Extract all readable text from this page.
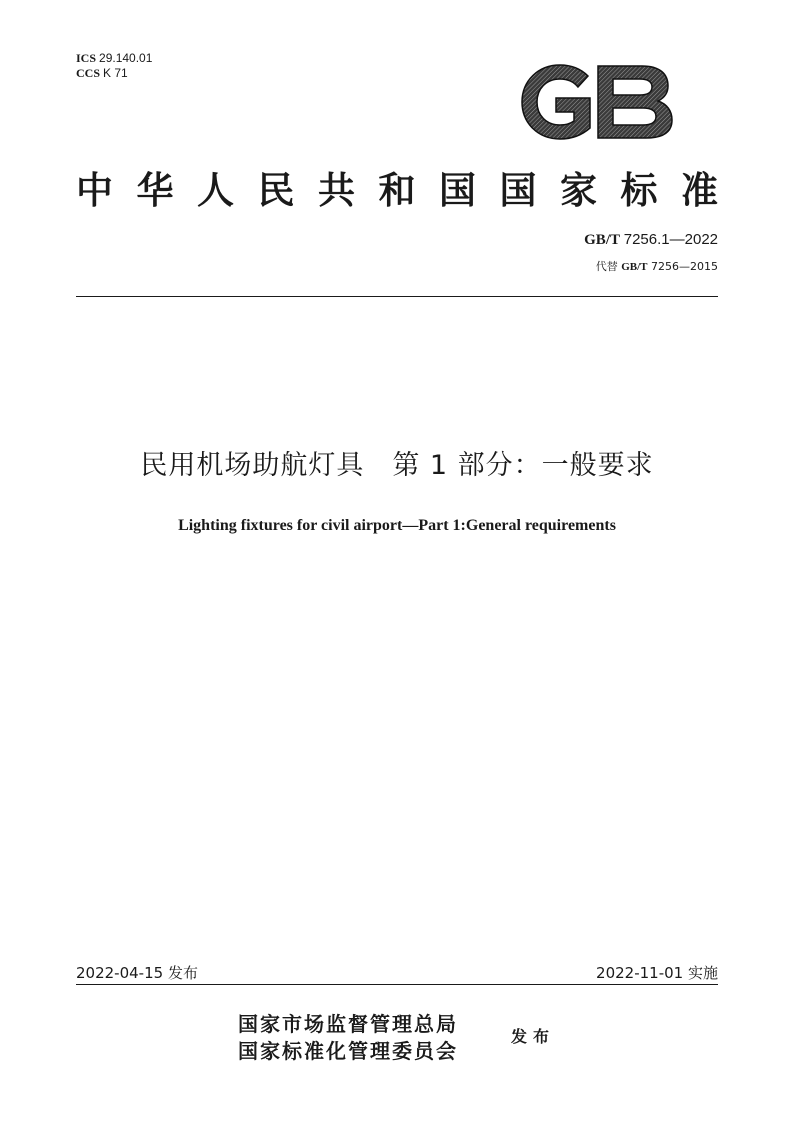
ICS 29.140.01
CCS K 71
中 华 人 民 共 和 国 国 家 标 准
GB/T 7256.1—2022
代替 GB/T 7256—2015
民用机场助航灯具　第 1 部分：一般要求
Lighting fixtures for civil airport—Part 1:General requirements
2022-04-15 发布	2022-11-01 实施
国家市场监督管理总局
国家标准化管理委员会
发布
